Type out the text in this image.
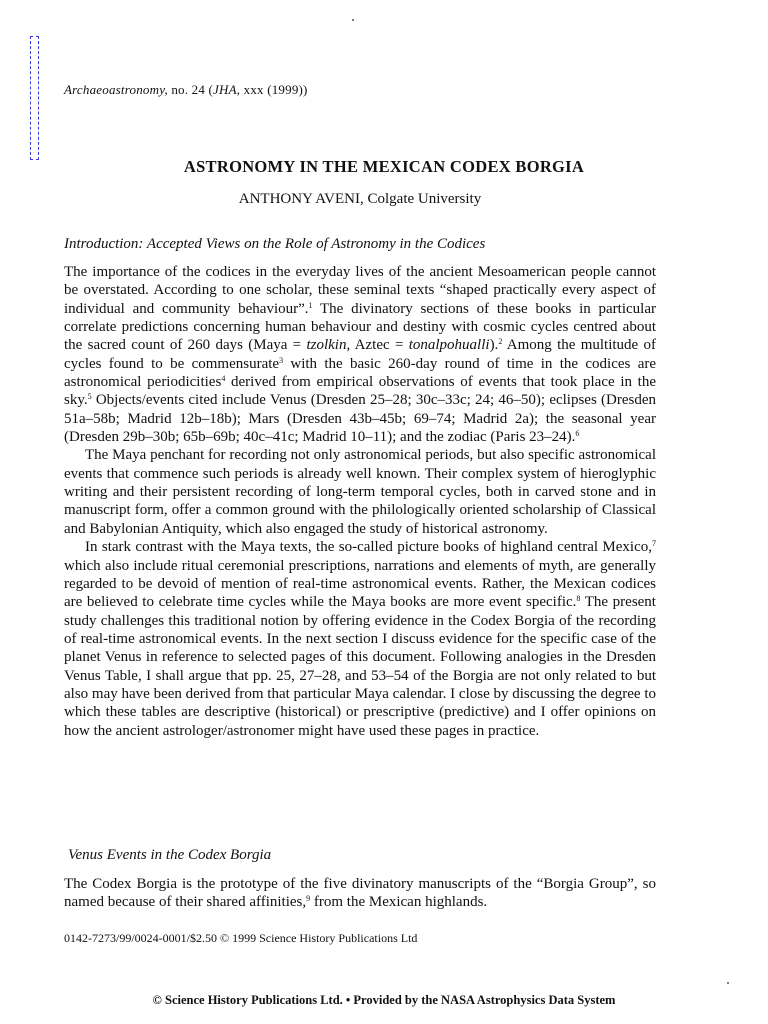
Archaeoastronomy, no. 24 (JHA, xxx (1999))
ASTRONOMY IN THE MEXICAN CODEX BORGIA
ANTHONY AVENI, Colgate University
Introduction: Accepted Views on the Role of Astronomy in the Codices

The importance of the codices in the everyday lives of the ancient Mesoamerican people cannot be overstated. According to one scholar, these seminal texts “shaped practically every aspect of individual and community behaviour”.$^1$ The divinatory sections of these books in particular correlate predictions concerning human behaviour and destiny with cosmic cycles centred about the sacred count of 260 days (Maya = tzolkin, Aztec = tonalpohualli).$^2$ Among the multitude of cycles found to be commensurate$^3$ with the basic 260-day round of time in the codices are astronomical periodicities$^4$ derived from empirical observations of events that took place in the sky.$^5$ Objects/events cited include Venus (Dresden 25–28; 30c–33c; 24; 46–50); eclipses (Dresden 51a–58b; Madrid 12b–18b); Mars (Dresden 43b–45b; 69–74; Madrid 2a); the seasonal year (Dresden 29b–30b; 65b–69b; 40c–41c; Madrid 10–11); and the zodiac (Paris 23–24).$^6$

The Maya penchant for recording not only astronomical periods, but also specific astronomical events that commence such periods is already well known. Their complex system of hieroglyphic writing and their persistent recording of long-term temporal cycles, both in carved stone and in manuscript form, offer a common ground with the philologically oriented scholarship of Classical and Babylonian Antiquity, which also engaged the study of historical astronomy.

In stark contrast with the Maya texts, the so-called picture books of highland central Mexico,$^7$ which also include ritual ceremonial prescriptions, narrations and elements of myth, are generally regarded to be devoid of mention of real-time astronomical events. Rather, the Mexican codices are believed to celebrate time cycles while the Maya books are more event specific.$^8$ The present study challenges this traditional notion by offering evidence in the Codex Borgia of the recording of real-time astronomical events. In the next section I discuss evidence for the specific case of the planet Venus in reference to selected pages of this document. Following analogies in the Dresden Venus Table, I shall argue that pp. 25, 27–28, and 53–54 of the Borgia are not only related to but also may have been derived from that particular Maya calendar. I close by discussing the degree to which these tables are descriptive (historical) or prescriptive (predictive) and I offer opinions on how the ancient astrologer/astronomer might have used these pages in practice.

Venus Events in the Codex Borgia

The Codex Borgia is the prototype of the five divinatory manuscripts of the “Borgia Group”, so named because of their shared affinities,$^9$ from the Mexican highlands.

0142-7273/99/0024-0001/$2.50 © 1999 Science History Publications Ltd
© Science History Publications Ltd. • Provided by the NASA Astrophysics Data System
